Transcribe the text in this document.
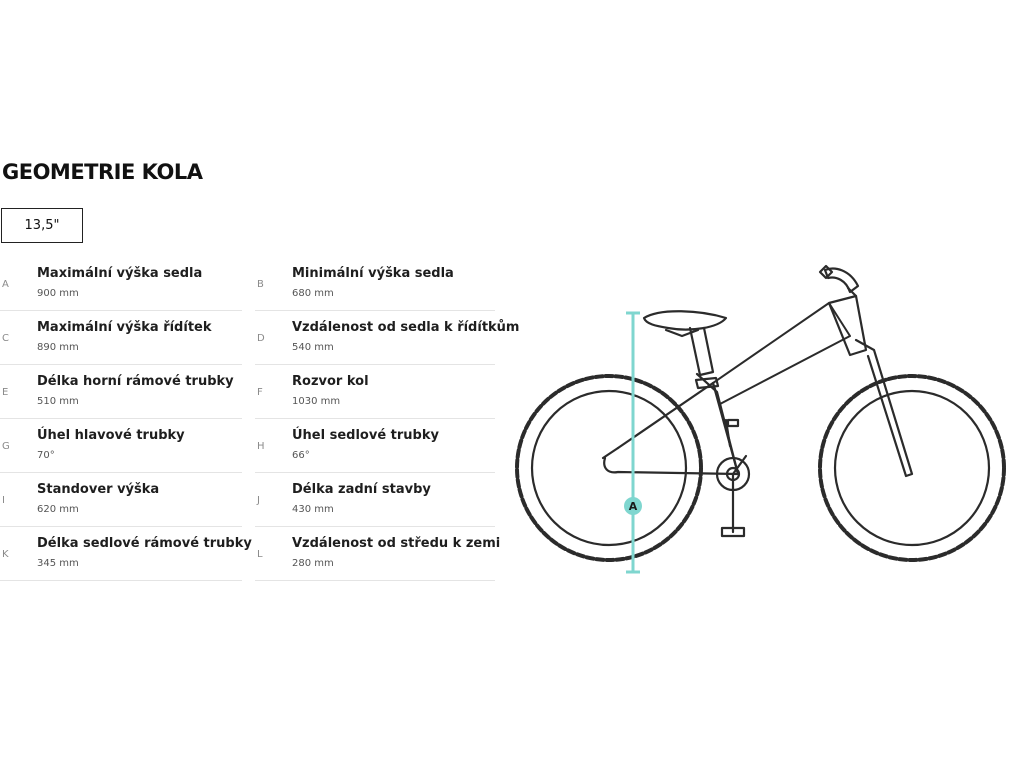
GEOMETRIE KOLA
13,5"
A
Maximální výška sedla
900 mm
B
Minimální výška sedla
680 mm
C
Maximální výška řídítek
890 mm
D
Vzdálenost od sedla k řídítkům
540 mm
E
Délka horní rámové trubky
510 mm
F
Rozvor kol
1030 mm
G
Úhel hlavové trubky
70°
H
Úhel sedlové trubky
66°
I
Standover výška
620 mm
J
Délka zadní stavby
430 mm
K
Délka sedlové rámové trubky
345 mm
L
Vzdálenost od středu k zemi
280 mm
A
